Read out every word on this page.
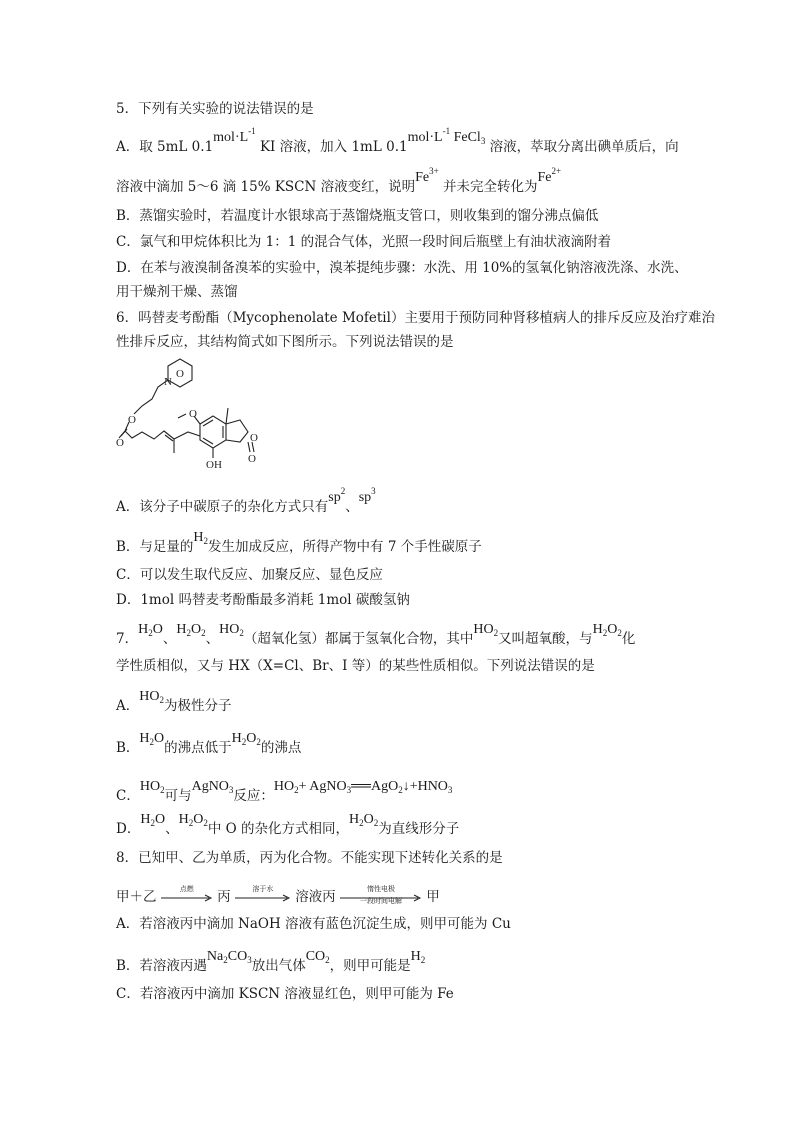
5．下列有关实验的说法错误的是
A．取 5mL $0.1mol\cdot L^{-1}$ KI 溶液，加入 1mL $0.1mol\cdot L^{-1}$ FeCl$_3$ 溶液，萃取分离出碘单质后，向
溶液中滴加 5～6 滴 15% KSCN 溶液变红，说明$Fe^{3+}$ 并未完全转化为$Fe^{2+}$
B．蒸馏实验时，若温度计水银球高于蒸馏烧瓶支管口，则收集到的馏分沸点偏低
C．氯气和甲烷体积比为 1：1 的混合气体，光照一段时间后瓶壁上有油状液滴附着
D．在苯与液溴制备溴苯的实验中，溴苯提纯步骤：水洗、用 10%的氢氧化钠溶液洗涤、水洗、
用干燥剂干燥、蒸馏
6．吗替麦考酚酯（Mycophenolate Mofetil）主要用于预防同种肾移植病人的排斥反应及治疗难治
性排斥反应，其结构简式如下图所示。下列说法错误的是
O
N
O
O
O
O
O
OH
A．该分子中碳原子的杂化方式只有$sp^2$、$sp^3$
B．与足量的$H_2$发生加成反应，所得产物中有 7 个手性碳原子
C．可以发生取代反应、加聚反应、显色反应
D．1mol 吗替麦考酚酯最多消耗 1mol 碳酸氢钠
7．$H_2O$、$H_2O_2$、$HO_2$（超氧化氢）都属于氢氧化合物，其中$HO_2$又叫超氧酸，与$H_2O_2$化
学性质相似，又与 HX（X=Cl、Br、I 等）的某些性质相似。下列说法错误的是
A．$HO_2$为极性分子
B．$H_2O$的沸点低于$H_2O_2$的沸点
C．$HO_2$可与AgNO$_3$反应：$HO_2+$ $AgNO_3══AgO_2↓+HNO_3$
D．$H_2O$、$H_2O_2$中 O 的杂化方式相同，$H_2O_2$为直线形分子
8．已知甲、乙为单质，丙为化合物。不能实现下述转化关系的是
甲＋乙
点燃
丙
溶于水
溶液丙
惰性电极
一段时间电解	甲
A．若溶液丙中滴加 NaOH 溶液有蓝色沉淀生成，则甲可能为 Cu
B．若溶液丙遇$Na_2CO_3$放出气体$CO_2$，则甲可能是$H_2$
C．若溶液丙中滴加 KSCN 溶液显红色，则甲可能为 Fe
